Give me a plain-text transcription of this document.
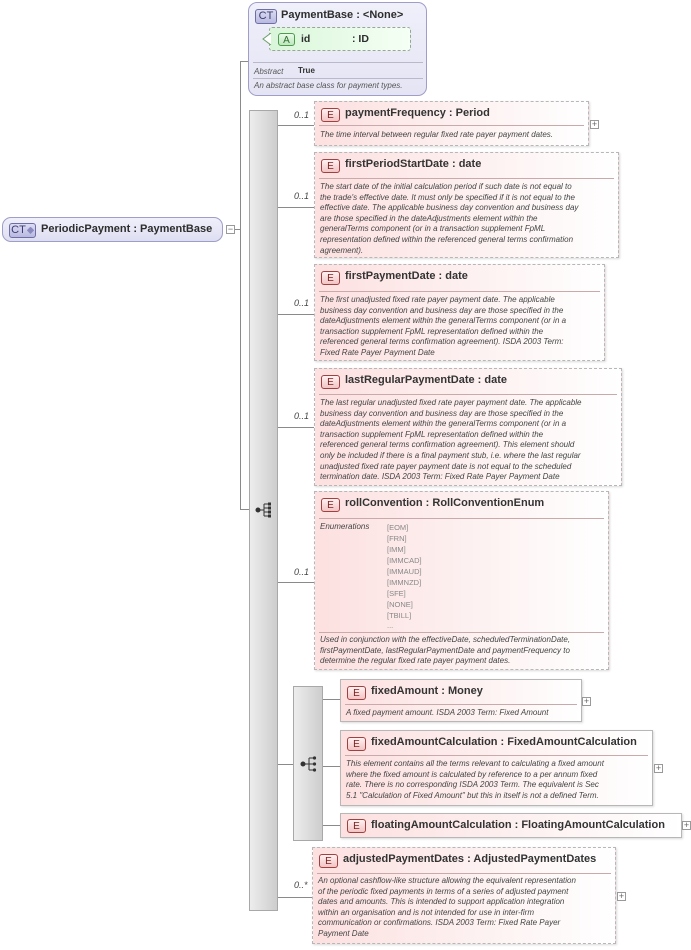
CT PaymentBase : <None>
A	id	: ID
Abstract True
An abstract base class for payment types.
CT	PeriodicPayment : PaymentBase −
0..1	E	paymentFrequency : Period
The time interval between regular fixed rate payer payment dates.
+
0..1
E	firstPeriodStartDate : date
The start date of the initial calculation period if such date is not equal to
the trade's effective date. It must only be specified if it is not equal to the
effective date. The applicable business day convention and business day
are those specified in the dateAdjustments element within the
generalTerms component (or in a transaction supplement FpML
representation defined within the referenced general terms confirmation
agreement).
0..1
E	firstPaymentDate : date
The first unadjusted fixed rate payer payment date. The applicable
business day convention and business day are those specified in the
dateAdjustments element within the generalTerms component (or in a
transaction supplement FpML representation defined within the
referenced general terms confirmation agreement). ISDA 2003 Term:
Fixed Rate Payer Payment Date
0..1
E	lastRegularPaymentDate : date
The last regular unadjusted fixed rate payer payment date. The applicable
business day convention and business day are those specified in the
dateAdjustments element within the generalTerms component (or in a
transaction supplement FpML representation defined within the
referenced general terms confirmation agreement). This element should
only be included if there is a final payment stub, i.e. where the last regular
unadjusted fixed rate payer payment date is not equal to the scheduled
termination date. ISDA 2003 Term: Fixed Rate Payer Payment Date
0..1
E	rollConvention : RollConventionEnum
Enumerations [EOM]
[FRN]
[IMM]
[IMMCAD]
[IMMAUD]
[IMMNZD]
[SFE]
[NONE]
[TBILL]
...
Used in conjunction with the effectiveDate, scheduledTerminationDate,
firstPaymentDate, lastRegularPaymentDate and paymentFrequency to
determine the regular fixed rate payer payment dates.
E	fixedAmount : Money
A fixed payment amount. ISDA 2003 Term: Fixed Amount
+
E	fixedAmountCalculation : FixedAmountCalculation
This element contains all the terms relevant to calculating a fixed amount
where the fixed amount is calculated by reference to a per annum fixed
rate. There is no corresponding ISDA 2003 Term. The equivalent is Sec
5.1 "Calculation of Fixed Amount" but this in itself is not a defined Term.
+
E	floatingAmountCalculation : FloatingAmountCalculation +
0..*
E	adjustedPaymentDates : AdjustedPaymentDates
An optional cashflow-like structure allowing the equivalent representation
of the periodic fixed payments in terms of a series of adjusted payment
dates and amounts. This is intended to support application integration
within an organisation and is not intended for use in inter-firm
communication or confirmations. ISDA 2003 Term: Fixed Rate Payer
Payment Date
+
